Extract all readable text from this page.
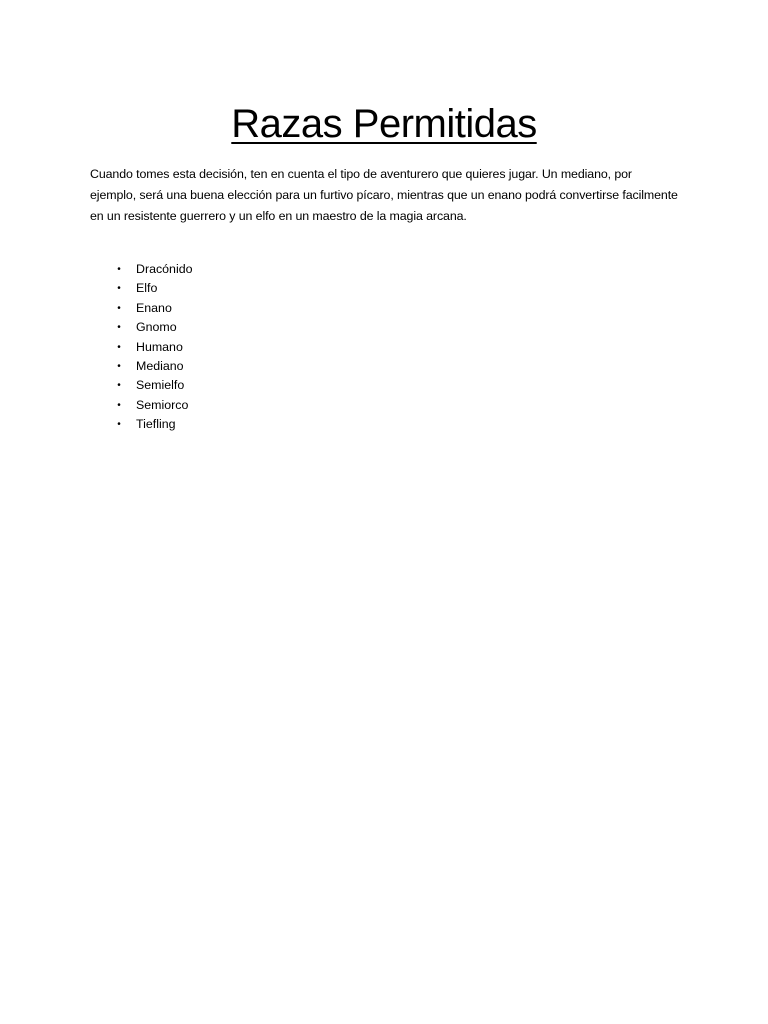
Razas Permitidas

Cuando tomes esta decisión, ten en cuenta el tipo de aventurero que quieres jugar. Un mediano, por ejemplo, será una buena elección para un furtivo pícaro, mientras que un enano podrá convertirse facilmente en un resistente guerrero y un elfo en un maestro de la magia arcana.

• Dracónido
• Elfo
• Enano
• Gnomo
• Humano
• Mediano
• Semielfo
• Semiorco
• Tiefling
